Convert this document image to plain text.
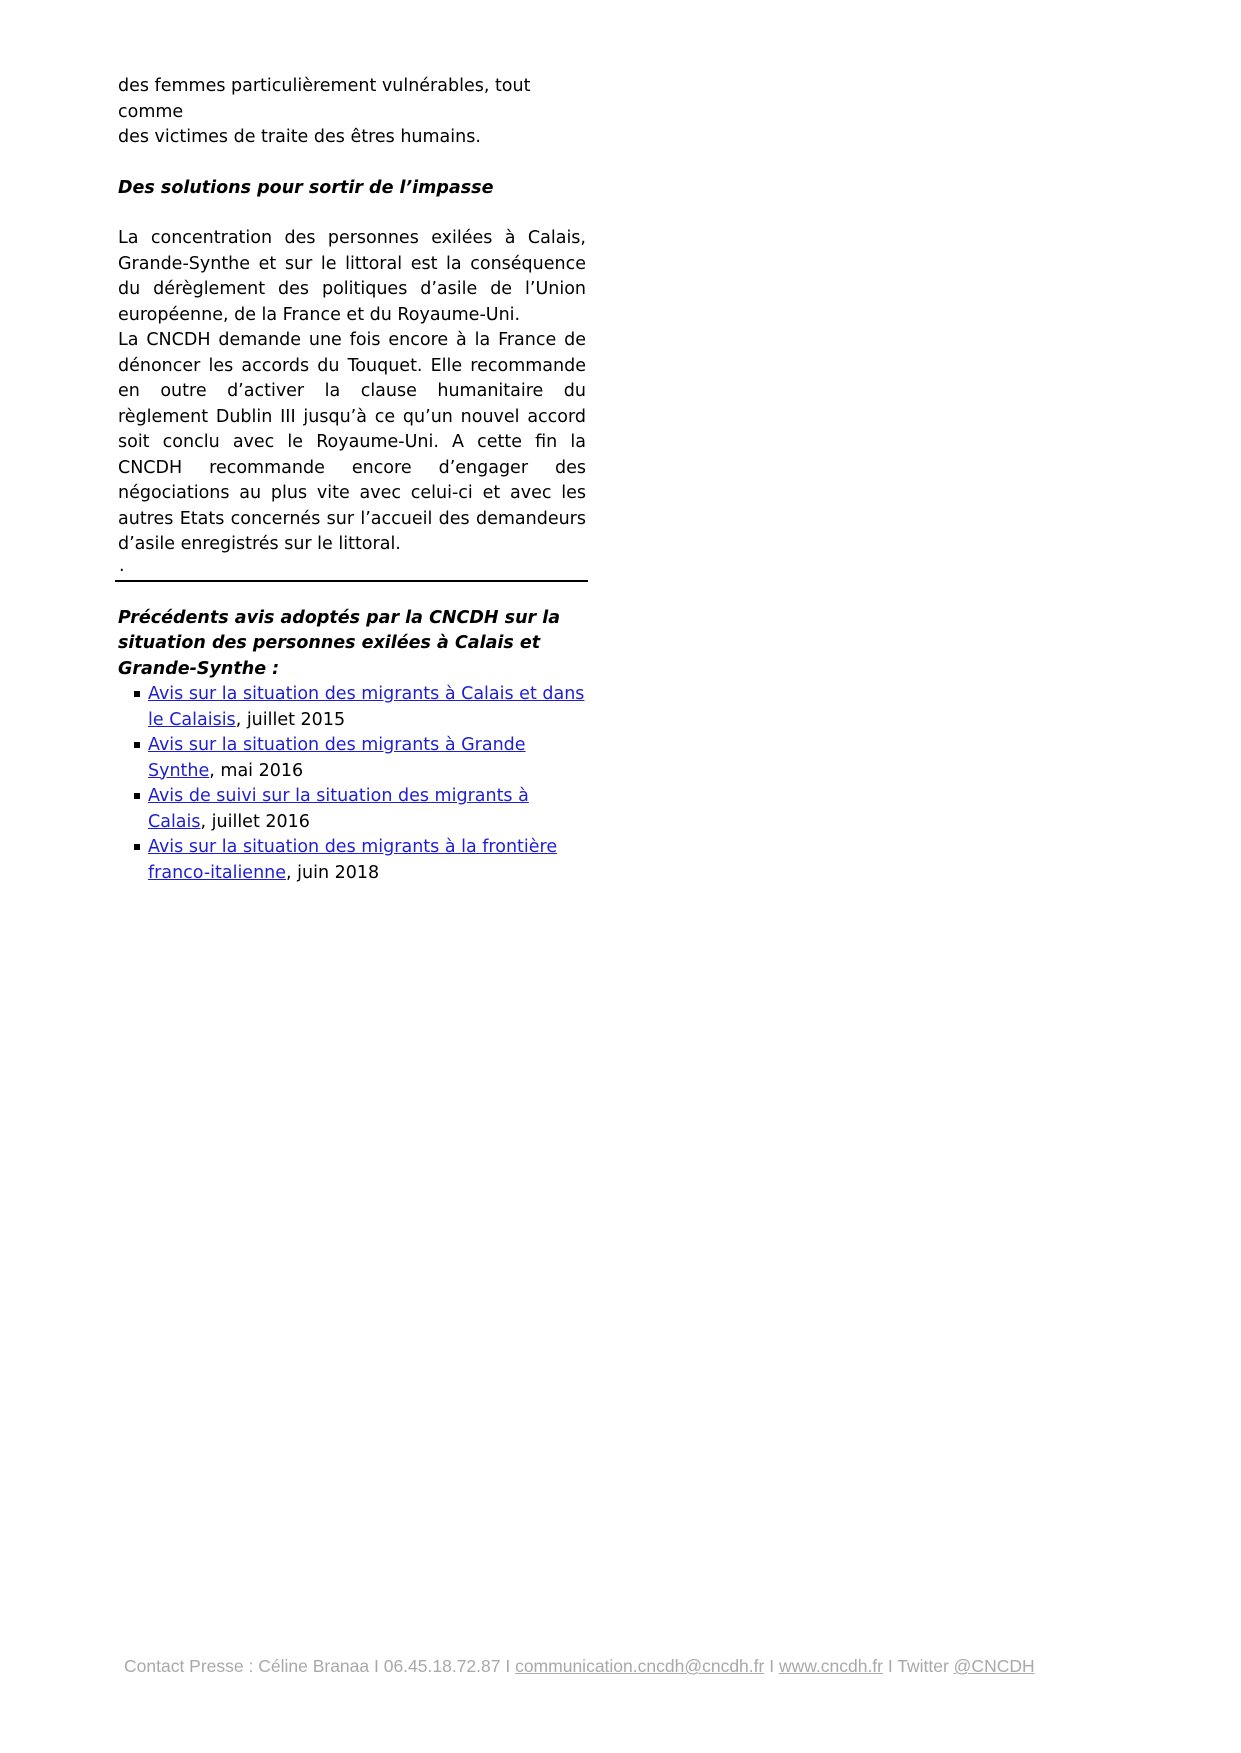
des femmes particulièrement vulnérables, tout comme

des victimes de traite des êtres humains.

Des solutions pour sortir de l’impasse

La concentration des personnes exilées à Calais, Grande-Synthe et sur le littoral est la conséquence du dérèglement des politiques d’asile de l’Union européenne, de la France et du Royaume-Uni.

La CNCDH demande une fois encore à la France de dénoncer les accords du Touquet. Elle recommande en outre d’activer la clause humanitaire du règlement Dublin III jusqu’à ce qu’un nouvel accord soit conclu avec le Royaume-Uni. A cette fin la CNCDH recommande encore d’engager des négociations au plus vite avec celui-ci et avec les autres Etats concernés sur l’accueil des demandeurs d’asile enregistrés sur le littoral.

.

Précédents avis adoptés par la CNCDH sur la situation des personnes exilées à Calais et Grande-Synthe :

Avis sur la situation des migrants à Calais et dans le Calaisis, juillet 2015
Avis sur la situation des migrants à Grande Synthe, mai 2016
Avis de suivi sur la situation des migrants à Calais, juillet 2016
Avis sur la situation des migrants à la frontière franco-italienne, juin 2018
Contact Presse : Céline Branaa I 06.45.18.72.87 I communication.cncdh@cncdh.fr I www.cncdh.fr I Twitter @CNCDH
